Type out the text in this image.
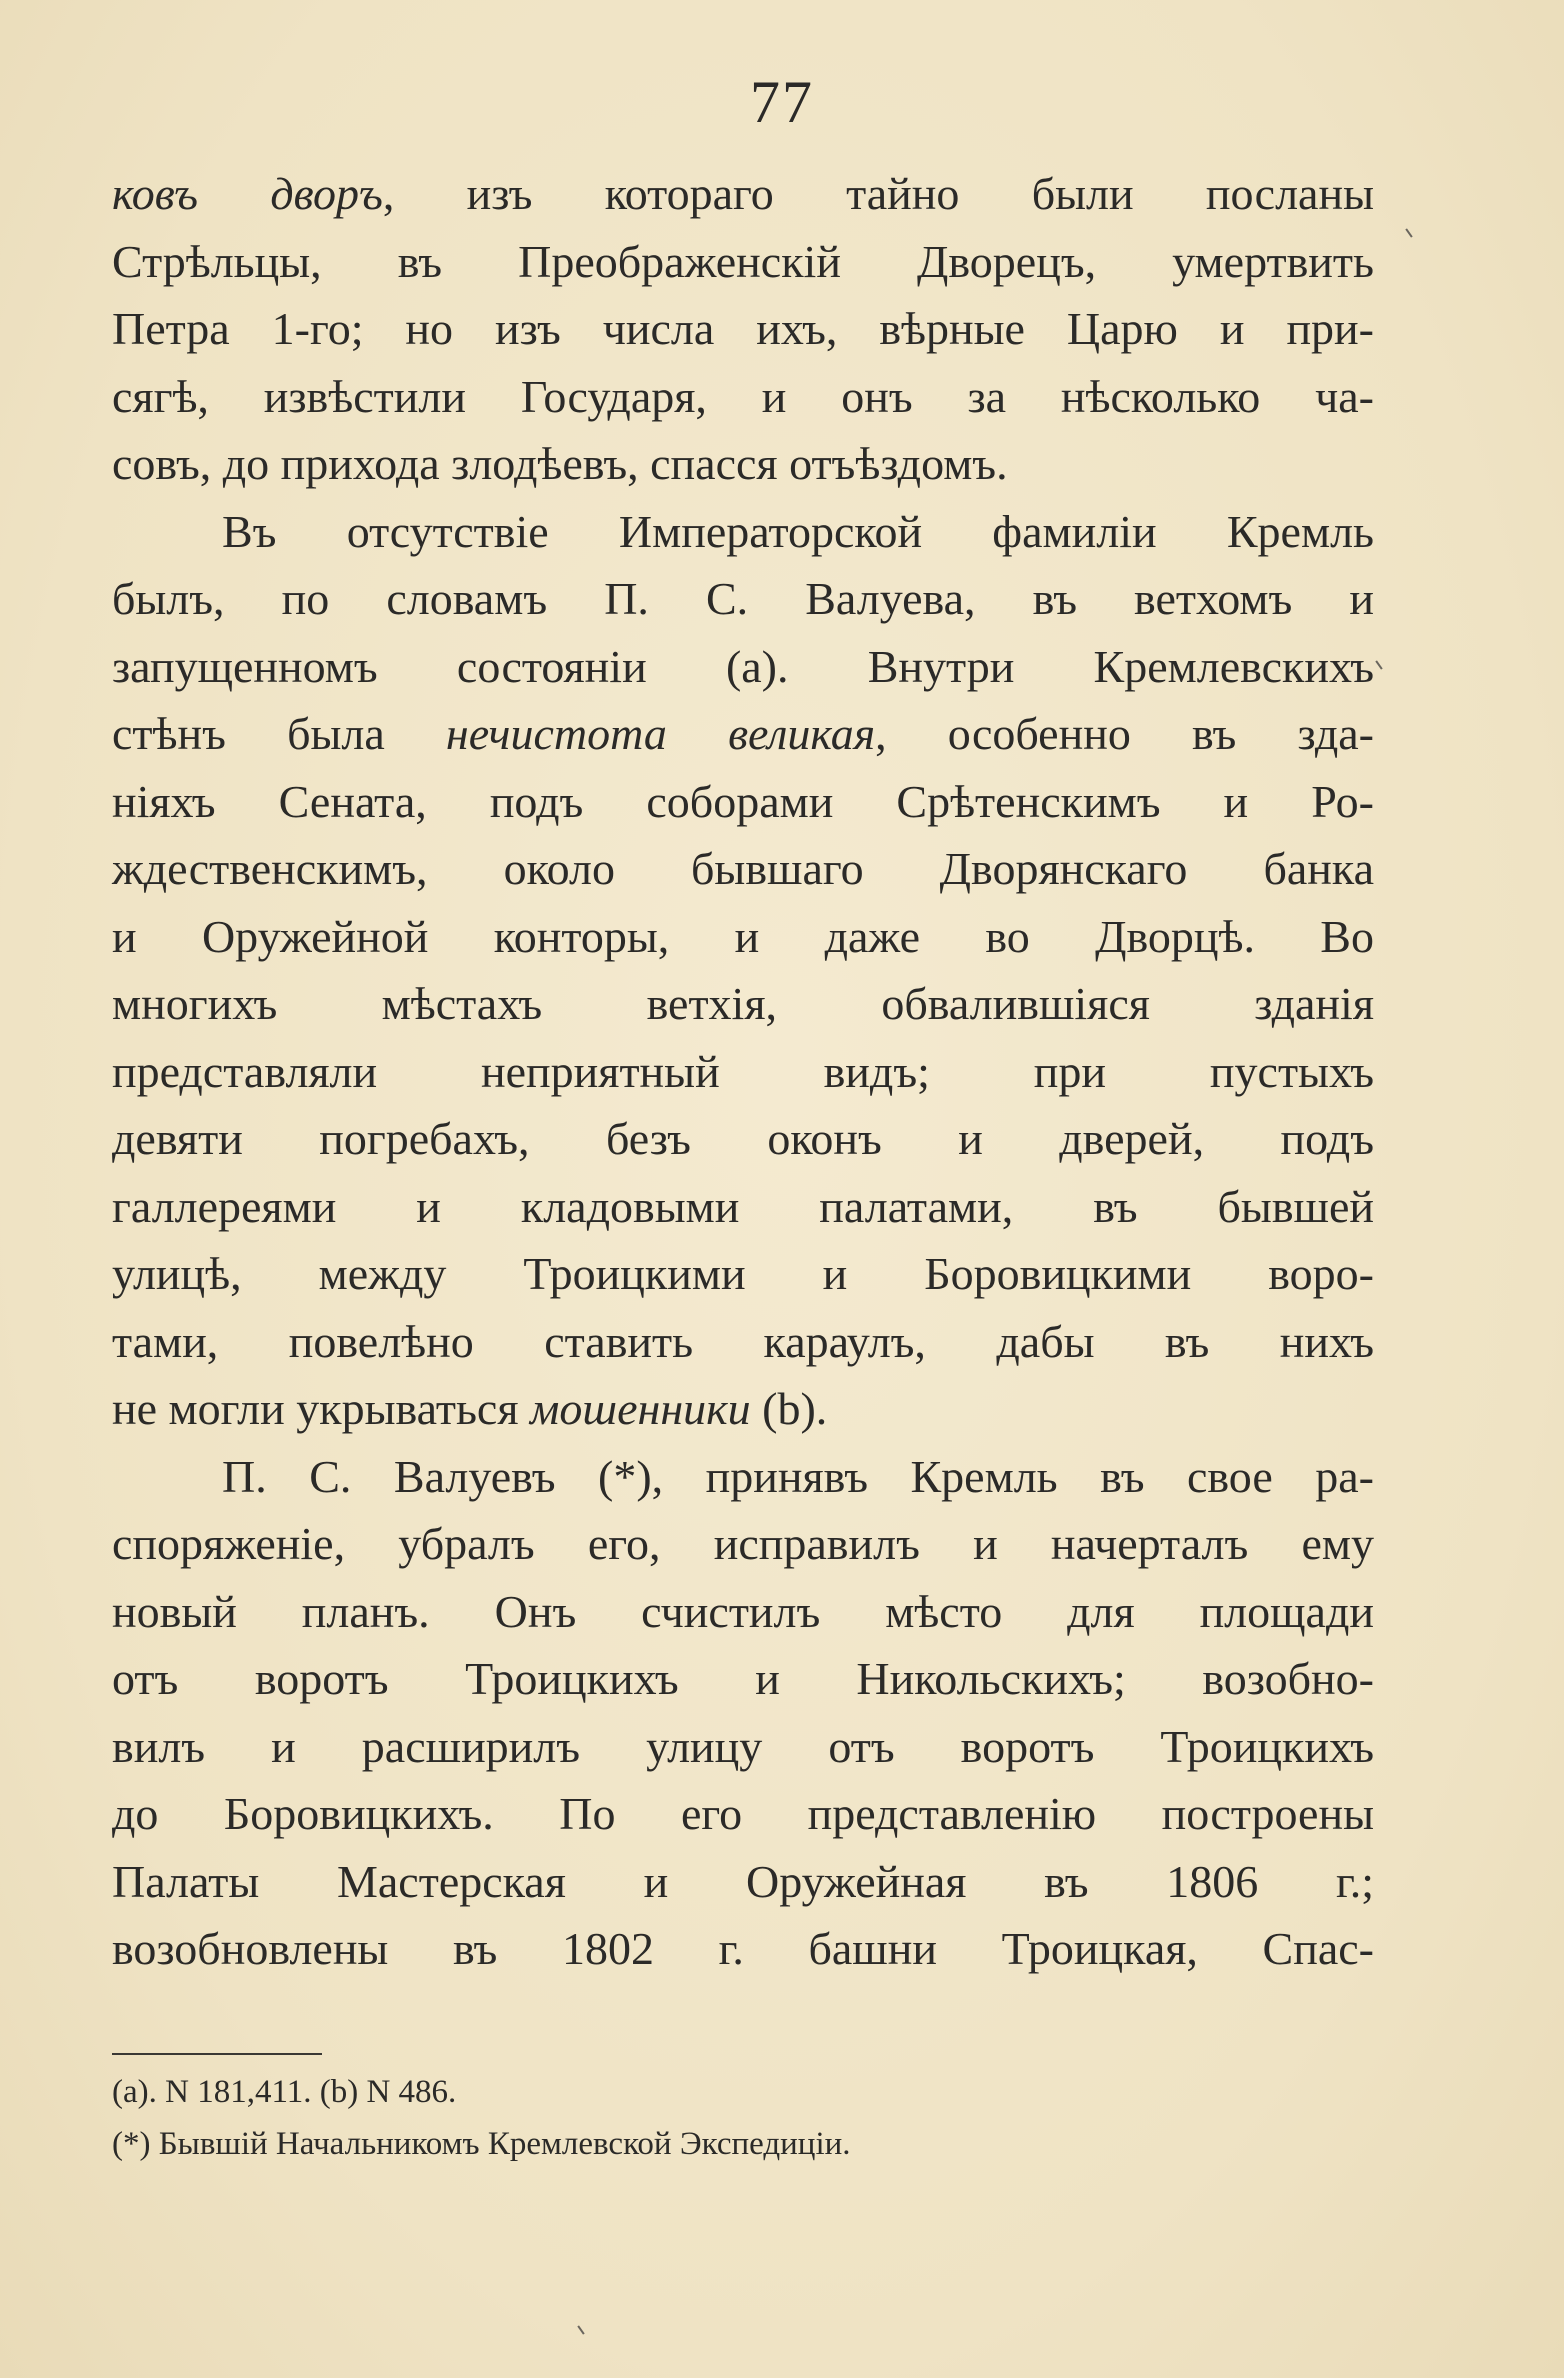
77
ковъ дворъ, изъ котораго тайно были посланы
Стрѣльцы, въ Преображенскій Дворецъ, умертвить
Петра 1-го; но изъ числа ихъ, вѣрные Царю и при-
сягѣ, извѣстили Государя, и онъ за нѣсколько ча-
совъ, до прихода злодѣевъ, спасся отъѣздомъ.
Въ отсутствіе Императорской фамиліи Кремль
былъ, по словамъ П. С. Валуева, въ ветхомъ и
запущенномъ состояніи (а). Внутри Кремлевскихъ
стѣнъ была нечистота великая, особенно въ зда-
ніяхъ Сената, подъ соборами Срѣтенскимъ и Ро-
ждественскимъ, около бывшаго Дворянскаго банка
и Оружейной конторы, и даже во Дворцѣ. Во
многихъ мѣстахъ ветхія, обвалившіяся зданія
представляли неприятный видъ; при пустыхъ
девяти погребахъ, безъ оконъ и дверей, подъ
галлереями и кладовыми палатами, въ бывшей
улицѣ, между Троицкими и Боровицкими воро-
тами, повелѣно ставить караулъ, дабы въ нихъ
не могли укрываться мошенники (b).
П. С. Валуевъ (*), принявъ Кремль въ свое ра-
споряженіе, убралъ его, исправилъ и начерталъ ему
новый планъ. Онъ счистилъ мѣсто для площади
отъ воротъ Троицкихъ и Никольскихъ; возобно-
вилъ и расширилъ улицу отъ воротъ Троицкихъ
до Боровицкихъ. По его представленію построены
Палаты Мастерская и Оружейная въ 1806 г.;
возобновлены въ 1802 г. башни Троицкая, Спас-
(а). N 181,411. (b) N 486.
(*) Бывшій Начальникомъ Кремлевской Экспедиціи.
